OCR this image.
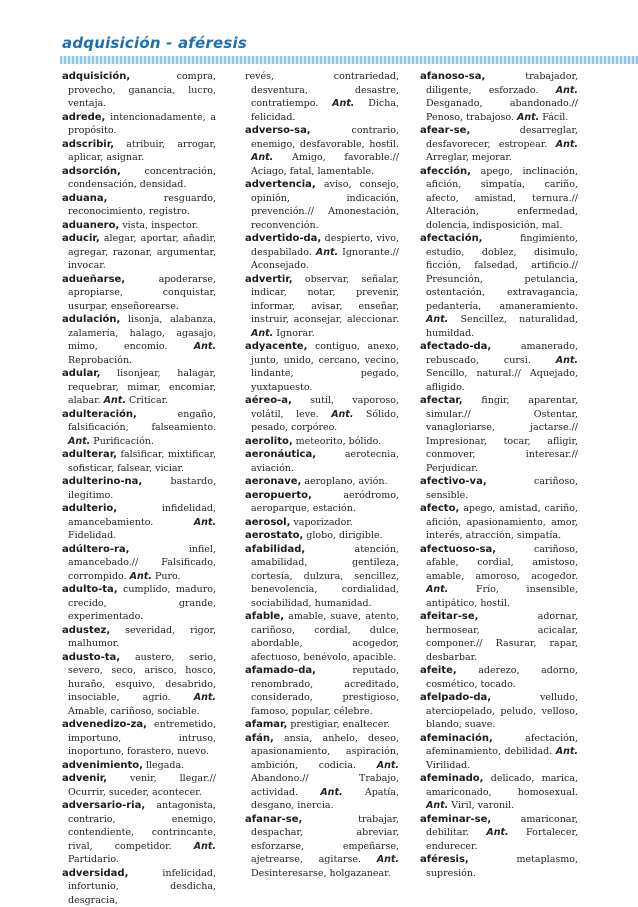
adquisición - aféresis
adquisición,	compra, provecho, ganancia, lucro, ventaja.
adrede, intencionadamente, a propósito.
adscribir, atribuir, arrogar, aplicar, asignar.
adsorción, concentración, condensación, densidad.
aduana,	resguardo, reconocimiento, registro.
aduanero, vista, inspector.
aducir, alegar, aportar, añadir, agregar, razonar, argumentar, invocar.
adueñarse,	apoderarse, apropiarse, conquistar, usurpar, enseñorearse.
adulación, lisonja, alabanza, zalamería, halago, agasajo, mimo, encomio.	Ant. Reprobación.
adular, lisonjear, halagar, requebrar, mimar, encomiar, alabar. Ant. Criticar.
adulteración,	engaño, falsificación, falseamiento. Ant. Purificación.
adulterar, falsificar, mixtificar, sofisticar, falsear, viciar.
adulterino-na,	bastardo, ilegítimo.
adulterio,	infidelidad, amancebamiento.	Ant. Fidelidad.
adúltero-ra,	infiel, amancebado.// Falsificado, corrompido. Ant. Puro.
adulto-ta, cumplido, maduro, crecido, grande, experimentado.
adustez, severidad, rigor, malhumor.
adusto-ta, austero, serio, severo, seco, arisco, hosco, huraño, esquivo, desabrido, insociable, agrio. Ant. Amable, cariñoso, sociable.
advenedizo-za, entremetido, importuno, intruso, inoportuno, forastero, nuevo.
advenimiento, llegada.
advenir, venir, llegar.// Ocurrir, suceder, acontecer.
adversario-ria, antagonista, contrario, enemigo, contendiente, contrincante, rival, competidor. Ant. Partidario.
adversidad,	infelicidad, infortunio, desdicha, desgracia,
revés, contrariedad, desventura, desastre, contratiempo. Ant. Dicha, felicidad.
adverso-sa,	contrario, enemigo, desfavorable, hostil. Ant. Amigo, favorable.// Aciago, fatal, lamentable.
advertencia, aviso, consejo, opinión, indicación, prevención.// Amonestación, reconvención.
advertido-da, despierto, vivo, despabilado. Ant. Ignorante.// Aconsejado.
advertir, observar, señalar, indicar, notar, prevenir, informar, avisar, enseñar, instruir, aconsejar, aleccionar. Ant. Ignorar.
adyacente, contiguo, anexo, junto, unido, cercano, vecino, lindante, pegado, yuxtapuesto.
aéreo-a, sutil, vaporoso, volátil, leve. Ant. Sólido, pesado, corpóreo.
aerolito, meteorito, bólido.
aeronáutica,	aerotecnia, aviación.
aeronave, aeroplano, avión.
aeropuerto,	aeródromo, aeroparque, estación.
aerosol, vaporizador.
aerostato, globo, dirigible.
afabilidad,	atención, amabilidad, gentileza, cortesía, dulzura, sencillez, benevolencia, cordialidad, sociabilidad, humanidad.
afable, amable, suave, atento, cariñoso, cordial, dulce, abordable, acogedor, afectuoso, benévolo, apacible.
afamado-da,	reputado, renombrado, acreditado, considerado, prestigioso, famoso, popular, célebre.
afamar, prestigiar, enaltecer.
afán, ansia, anhelo, deseo, apasionamiento, aspiración, ambición, codicia. Ant. Abandono.// Trabajo, actividad. Ant. Apatía, desgano, inercia.
afanar-se,	trabajar, despachar, abreviar, esforzarse, empeñarse, ajetrearse, agitarse. Ant. Desinteresarse, holgazanear.
afanoso-sa,	trabajador, diligente, esforzado. Ant. Desganado, abandonado.// Penoso, trabajoso. Ant. Fácil.
afear-se,	desarreglar, desfavorecer, estropear. Ant. Arreglar, mejorar.
afección, apego, inclinación, afición, simpatía, cariño, afecto, amistad, ternura.// Alteración, enfermedad, dolencia, indisposición, mal.
afectación,	fingimiento, estudio, doblez, disimulo, ficción, falsedad, artificio.// Presunción, petulancia, ostentación, extravagancia, pedantería, amaneramiento. Ant. Sencillez, naturalidad, humildad.
afectado-da,	amanerado, rebuscado, cursi.	Ant. Sencillo, natural.// Aquejado, afligido.
afectar, fingir, aparentar, simular.// Ostentar, vanagloriarse, jactarse.// Impresionar, tocar, afligir, conmover, interesar.// Perjudicar.
afectivo-va,	cariñoso, sensible.
afecto, apego, amistad, cariño, afición, apasionamiento, amor, interés, atracción, simpatía.
afectuoso-sa,	cariñoso, afable, cordial, amistoso, amable, amoroso, acogedor. Ant.	Frío, insensible, antipático, hostil.
afeitar-se,	adornar, hermosear, acicalar, componer.// Rasurar, rapar, desbarbar.
afeite, aderezo, adorno, cosmético, tocado.
afelpado-da,	velludo, aterciopelado, peludo, velloso, blando, suave.
afeminación,	afectación, afeminamiento, debilidad. Ant. Virilidad.
afeminado, delicado, marica, amariconado, homosexual. Ant. Viril, varonil.
afeminar-se,	amariconar, debilitar. Ant. Fortalecer, endurecer.
aféresis,	metaplasmo, supresión.
